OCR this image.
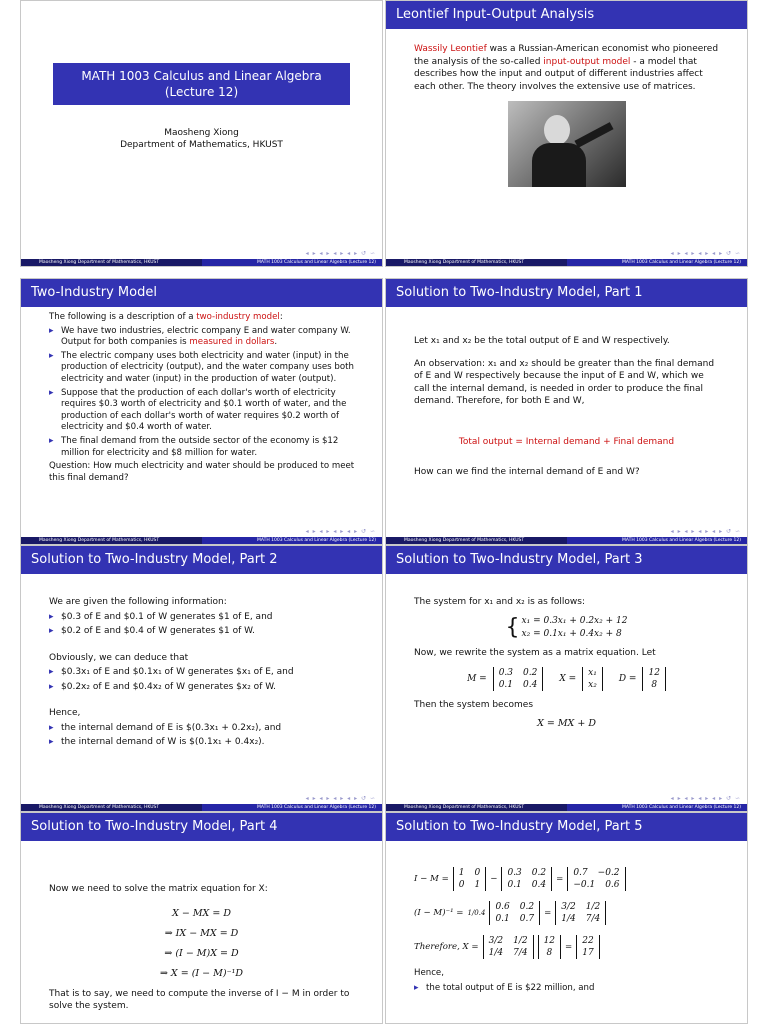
MATH 1003 Calculus and Linear Algebra
(Lecture 12)
Maosheng Xiong
Department of Mathematics, HKUST
◂ ▸ ◂ ▸ ◂ ▸ ◂ ▸ ↺ ∽
Maosheng Xiong Department of Mathematics, HKUST	MATH 1003 Calculus and Linear Algebra (Lecture 12)
Leontief Input-Output Analysis

Wassily Leontief was a Russian-American economist who pioneered the analysis of the so-called input-output model - a model that describes how the input and output of different industries affect each other. The theory involves the extensive use of matrices.

◂ ▸ ◂ ▸ ◂ ▸ ◂ ▸ ↺ ∽
Maosheng Xiong Department of Mathematics, HKUST	MATH 1003 Calculus and Linear Algebra (Lecture 12)
Two-Industry Model

The following is a description of a two-industry model:

▸ We have two industries, electric company E and water company W. Output for both companies is measured in dollars.
▸ The electric company uses both electricity and water (input) in the production of electricity (output), and the water company uses both electricity and water (input) in the production of water (output).
▸ Suppose that the production of each dollar's worth of electricity requires $0.3 worth of electricity and $0.1 worth of water, and the production of each dollar's worth of water requires $0.2 worth of electricity and $0.4 worth of water.
▸ The final demand from the outside sector of the economy is $12 million for electricity and $8 million for water.

Question: How much electricity and water should be produced to meet this final demand?

◂ ▸ ◂ ▸ ◂ ▸ ◂ ▸ ↺ ∽
Maosheng Xiong Department of Mathematics, HKUST	MATH 1003 Calculus and Linear Algebra (Lecture 12)
Solution to Two-Industry Model, Part 1

Let x₁ and x₂ be the total output of E and W respectively.

An observation: x₁ and x₂ should be greater than the final demand of E and W respectively because the input of E and W, which we call the internal demand, is needed in order to produce the final demand. Therefore, for both E and W,

Total output = Internal demand + Final demand

How can we find the internal demand of E and W?

◂ ▸ ◂ ▸ ◂ ▸ ◂ ▸ ↺ ∽
Maosheng Xiong Department of Mathematics, HKUST	MATH 1003 Calculus and Linear Algebra (Lecture 12)
Solution to Two-Industry Model, Part 2

We are given the following information:

▸ $0.3 of E and $0.1 of W generates $1 of E, and
▸ $0.2 of E and $0.4 of W generates $1 of W.

Obviously, we can deduce that

▸ $0.3x₁ of E and $0.1x₁ of W generates $x₁ of E, and
▸ $0.2x₂ of E and $0.4x₂ of W generates $x₂ of W.

Hence,

▸ the internal demand of E is $(0.3x₁ + 0.2x₂), and
▸ the internal demand of W is $(0.1x₁ + 0.4x₂).
◂ ▸ ◂ ▸ ◂ ▸ ◂ ▸ ↺ ∽
Maosheng Xiong Department of Mathematics, HKUST	MATH 1003 Calculus and Linear Algebra (Lecture 12)
Solution to Two-Industry Model, Part 3

The system for x₁ and x₂ is as follows:

{ x₁ = 0.3x₁ + 0.2x₂ + 12
x₂ = 0.1x₁ + 0.4x₂ + 8

Now, we rewrite the system as a matrix equation. Let

M =
0.3 0.2
0.1 0.4
X =
x₁
x₂
D =
12
8

Then the system becomes

X = MX + D

◂ ▸ ◂ ▸ ◂ ▸ ◂ ▸ ↺ ∽
Maosheng Xiong Department of Mathematics, HKUST	MATH 1003 Calculus and Linear Algebra (Lecture 12)
Solution to Two-Industry Model, Part 4

Now we need to solve the matrix equation for X:

X − MX = D
⇒ IX − MX = D
⇒ (I − M)X = D
⇒ X = (I − M)⁻¹D

That is to say, we need to compute the inverse of I − M in order to solve the system.

Solution to Two-Industry Model, Part 5
I − M =
1 0
0 1
−
0.3 0.2
0.1 0.4
=
0.7 −0.2
−0.1 0.6
(I − M)⁻¹ = 1/0.4
0.6 0.2
0.1 0.7
=
3/2 1/2
1/4 7/4
Therefore, X =
3/2 1/2
1/4 7/4
12
8
=
22
17

Hence,

▸ the total output of E is $22 million, and
